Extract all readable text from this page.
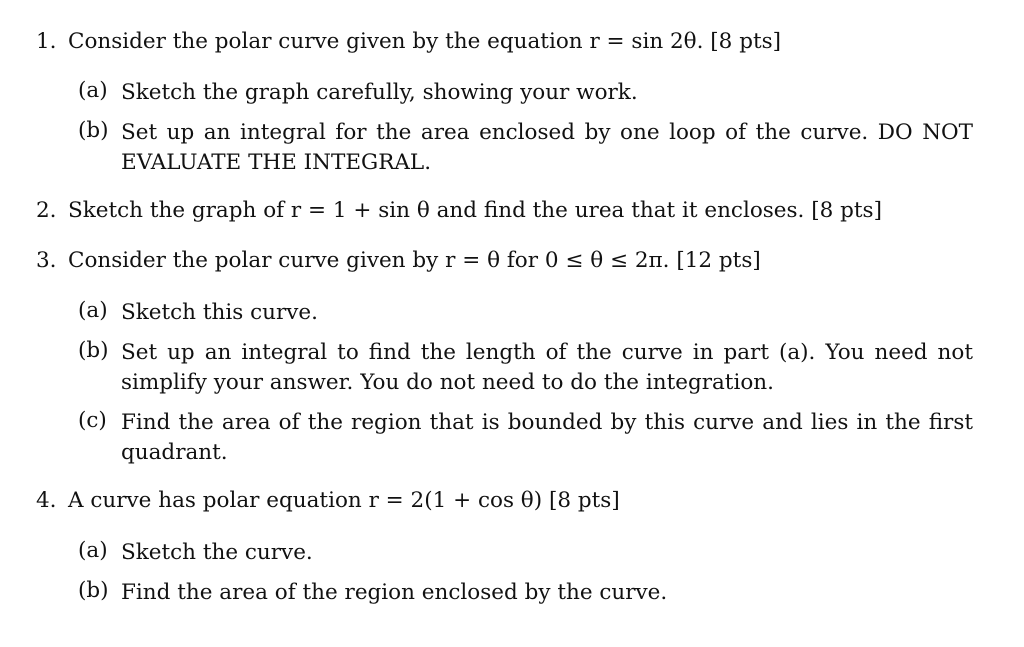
1. Consider the polar curve given by the equation r = sin 2θ. [8 pts]
(a) Sketch the graph carefully, showing your work.
(b) Set up an integral for the area enclosed by one loop of the curve. DO NOT EVALUATE THE INTEGRAL.
2. Sketch the graph of r = 1 + sin θ and find the urea that it encloses. [8 pts]
3. Consider the polar curve given by r = θ for 0 ≤ θ ≤ 2π. [12 pts]
(a) Sketch this curve.
(b) Set up an integral to find the length of the curve in part (a). You need not simplify your answer. You do not need to do the integration.
(c) Find the area of the region that is bounded by this curve and lies in the first quadrant.
4. A curve has polar equation r = 2(1 + cos θ) [8 pts]
(a) Sketch the curve.
(b) Find the area of the region enclosed by the curve.
